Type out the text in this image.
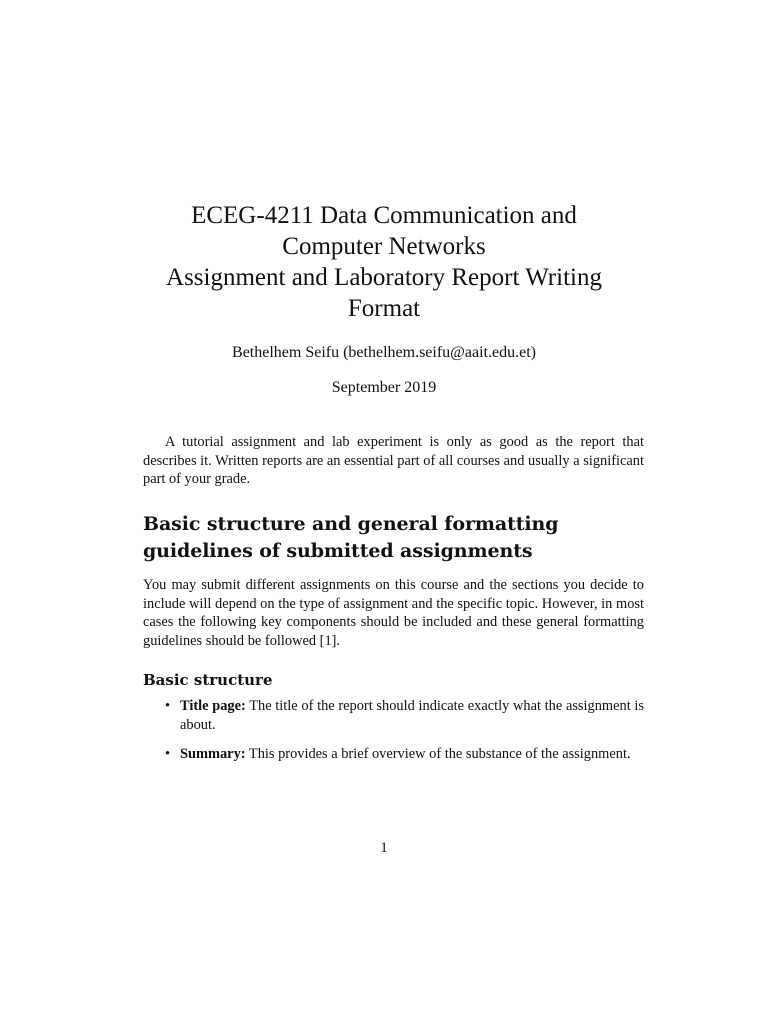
ECEG-4211 Data Communication and
Computer Networks
Assignment and Laboratory Report Writing
Format
Bethelhem Seifu (bethelhem.seifu@aait.edu.et)
September 2019

A tutorial assignment and lab experiment is only as good as the report that describes it. Written reports are an essential part of all courses and usually a significant part of your grade.

Basic structure and general formatting guidelines of submitted assignments

You may submit different assignments on this course and the sections you decide to include will depend on the type of assignment and the specific topic. However, in most cases the following key components should be included and these general formatting guidelines should be followed [1].

Basic structure
• Title page: The title of the report should indicate exactly what the assignment is about.
• Summary: This provides a brief overview of the substance of the assignment.
1
